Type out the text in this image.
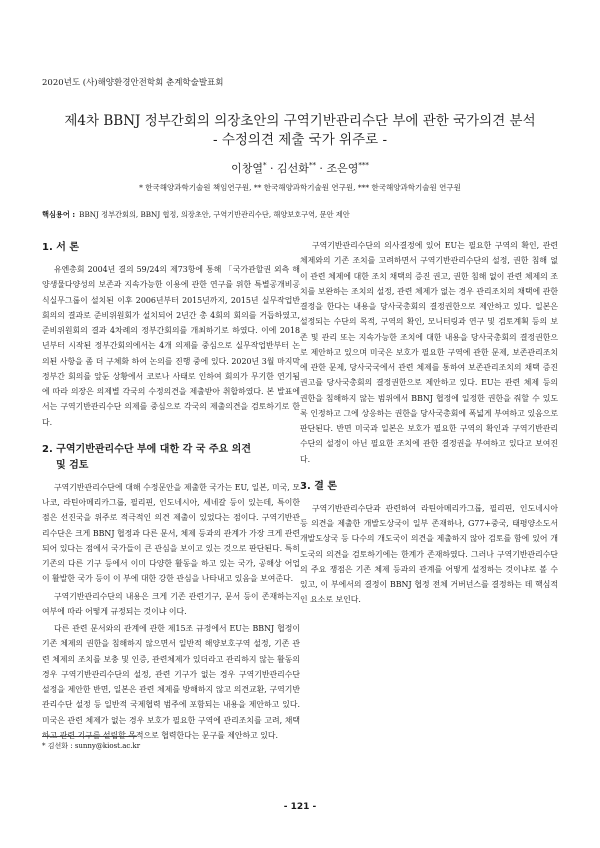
2020년도 (사)해양환경안전학회 춘계학술발표회
제4차 BBNJ 정부간회의 의장초안의 구역기반관리수단 부에 관한 국가의견 분석
- 수정의견 제출 국가 위주로 -
이창열* · 김선화** · 조은영***
* 한국해양과학기술원 책임연구원, ** 한국해양과학기술원 연구원, *** 한국해양과학기술원 연구원
핵심용어 : BBNJ 정부간회의, BBNJ 협정, 의장초안, 구역기반관리수단, 해양보호구역, 문안 제안
1. 서 론

유엔총회 2004년 결의 59/24의 제73항에 통해 「국가관할권 외측 해양생물다양성의 보존과 지속가능한 이용에 관한 연구를 위한 특별공개비공식실무그룹이 설치된 이후 2006년부터 2015년까지, 2015년 실무작업반 회의의 결과로 준비위원회가 설치되어 2년간 총 4회의 회의를 거듭하였고, 준비위원회의 결과 4차례의 정부간회의를 개최하기로 하였다. 이에 2018년부터 시작된 정부간회의에서는 4개 의제를 중심으로 실무작업반부터 논의된 사항을 좀 더 구체화 하여 논의를 진행 중에 있다. 2020년 3월 마지막 정부간 회의를 앞둔 상황에서 코로나 사태로 인하여 회의가 무기한 연기됨에 따라 의장은 의제별 각국의 수정의견을 제출받아 취합하였다. 본 발표에서는 구역기반관리수단 의제를 중심으로 각국의 제출의견을 검토하기로 한다.

2. 구역기반관리수단 부에 대한 각 국 주요 의견
및 검토

구역기반관리수단에 대해 수정문안을 제출한 국가는 EU, 일본, 미국, 모나코, 라틴아메리카그룹, 필리핀, 인도네시아, 세네갈 등이 있는데, 특이한 점은 선진국을 위주로 적극적인 의견 제출이 있었다는 점이다. 구역기반관리수단은 크게 BBNJ 협정과 다른 문서, 체제 등과의 관계가 가장 크게 관련되어 있다는 점에서 국가들이 큰 관심을 보이고 있는 것으로 판단된다. 특히 기존의 다른 기구 등에서 이미 다양한 활동을 하고 있는 국가, 공해상 어업이 활발한 국가 등이 이 부에 대한 강한 관심을 나타내고 있음을 보여준다.

구역기반관리수단의 내용은 크게 기존 관련기구, 문서 등이 존재하는지 여부에 따라 어떻게 규정되는 것이냐 이다.

다른 관련 문서와의 관계에 관한 제15조 규정에서 EU는 BBNJ 협정이 기존 체제의 권한을 침해하지 않으면서 일반적 해양보호구역 설정, 기존 관련 체제의 조치를 보충 및 인증, 관련체제가 있더라고 관리하지 않는 활동의 경우 구역기반관리수단의 설정, 관련 기구가 없는 경우 구역기반관리수단 설정을 제안한 반면, 일본은 관련 체제를 방해하지 않고 의견교환, 구역기반관리수단 설정 등 일반적 국제협력 범주에 포함되는 내용을 제안하고 있다. 미국은 관련 체제가 없는 경우 보호가 필요한 구역에 관리조치를 고려, 채택하고 관련 기구를 설립할 목적으로 협력한다는 문구를 제안하고 있다.

구역기반관리수단의 의사결정에 있어 EU는 필요한 구역의 확인, 관련 체제와의 기존 조치를 고려하면서 구역기반관리수단의 설정, 권한 침해 없이 관련 체제에 대한 조치 채택의 증진 권고, 권한 침해 없이 관련 체제의 조치를 보완하는 조치의 설정, 관련 체제가 없는 경우 관리조치의 채택에 관한 결정을 한다는 내용을 당사국총회의 결정권한으로 제안하고 있다. 일본은 설정되는 수단의 목적, 구역의 확인, 모니터링과 연구 및 검토계획 등의 보존 및 관리 또는 지속가능한 조치에 대한 내용을 당사국총회의 결정권한으로 제안하고 있으며 미국은 보호가 필요한 구역에 관한 문제, 보존관리조치에 관한 문제, 당사국국에서 관련 체제를 통하여 보존관리조치의 채택 증진 권고를 당사국총회의 결정권한으로 제안하고 있다. EU는 관련 체제 등의 권한을 침해하지 않는 범위에서 BBNJ 협정에 일정한 권한을 줘할 수 있도록 인정하고 그에 상응하는 권한을 당사국총회에 폭넓게 부여하고 있음으로 판단된다. 반면 미국과 일본은 보호가 필요한 구역의 확인과 구역기반관리수단의 설정이 아닌 필요한 조치에 관한 결정권을 부여하고 있다고 보여진다.

3. 결 론

구역기반관리수단과 관련하여 라틴아메리카그룹, 필리핀, 인도네시아 등 의견을 제출한 개발도상국이 일부 존재하나, G77+중국, 태평양소도서개발도상국 등 다수의 개도국이 의견을 제출하지 않아 검토를 함에 있어 개도국의 의견을 검토하기에는 한계가 존재하였다. 그러나 구역기반관리수단의 주요 쟁점은 기존 체제 등과의 관계를 어떻게 설정하는 것이냐로 볼 수 있고, 이 부에서의 결정이 BBNJ 협정 전체 거버넌스를 결정하는 데 핵심적인 요소로 보인다.

* 김선화 : sunny@kiost.ac.kr
- 121 -
